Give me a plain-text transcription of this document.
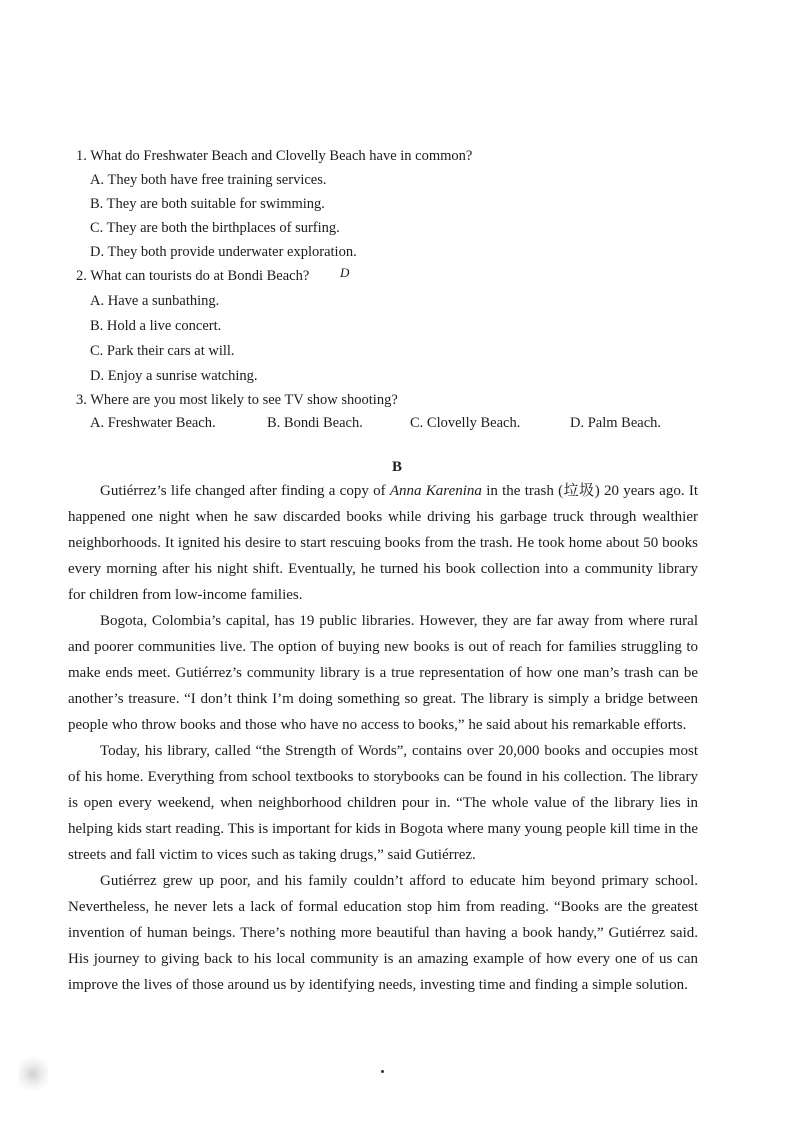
1. What do Freshwater Beach and Clovelly Beach have in common?
A. They both have free training services.
B. They are both suitable for swimming.
C. They are both the birthplaces of surfing.
D. They both provide underwater exploration.
2. What can tourists do at Bondi Beach? D
A. Have a sunbathing.
B. Hold a live concert.
C. Park their cars at will.
D. Enjoy a sunrise watching.
3. Where are you most likely to see TV show shooting?
A. Freshwater Beach.	B. Bondi Beach.	C. Clovelly Beach.	D. Palm Beach.
B

Gutiérrez’s life changed after finding a copy of Anna Karenina in the trash (垃圾) 20 years ago. It happened one night when he saw discarded books while driving his garbage truck through wealthier neighborhoods. It ignited his desire to start rescuing books from the trash. He took home about 50 books every morning after his night shift. Eventually, he turned his book collection into a community library for children from low-income families.

Bogota, Colombia’s capital, has 19 public libraries. However, they are far away from where rural and poorer communities live. The option of buying new books is out of reach for families struggling to make ends meet. Gutiérrez’s community library is a true representation of how one man’s trash can be another’s treasure. “I don’t think I’m doing something so great. The library is simply a bridge between people who throw books and those who have no access to books,” he said about his remarkable efforts.

Today, his library, called “the Strength of Words”, contains over 20,000 books and occupies most of his home. Everything from school textbooks to storybooks can be found in his collection. The library is open every weekend, when neighborhood children pour in. “The whole value of the library lies in helping kids start reading. This is important for kids in Bogota where many young people kill time in the streets and fall victim to vices such as taking drugs,” said Gutiérrez.

Gutiérrez grew up poor, and his family couldn’t afford to educate him beyond primary school. Nevertheless, he never lets a lack of formal education stop him from reading. “Books are the greatest invention of human beings. There’s nothing more beautiful than having a book handy,” Gutiérrez said. His journey to giving back to his local community is an amazing example of how every one of us can improve the lives of those around us by identifying needs, investing time and finding a simple solution.
